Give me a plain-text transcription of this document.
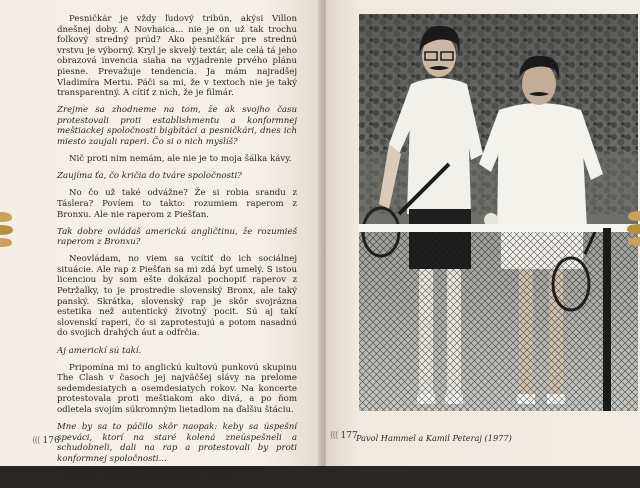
Pesničkár je vždy ľudový tribún, akýsi Villon dnešnej doby. A Novhaica... nie je on už tak trochu folkový stredný prúd? Ako pesničkár pre strednú vrstvu je výborný. Kryl je skvelý textár, ale celá tá jeho obrazová invencia siaha na vyjadrenie prvého plánu piesne. Prevažuje tendencia. Ja mám najradšej Vladimíra Mertu. Páči sa mi, že v textoch nie je taký transparentný. A cítiť z nich, že je filmár.

Zrejme sa zhodneme na tom, že ak svojho času protestovali proti establishmentu a konformnej meštiackej spoločnosti bigbítáci a pesničkári, dnes ich miesto zaujali raperi. Čo si o nich myslíš?

Nič proti nim nemám, ale nie je to moja šálka kávy.

Zaujíma ťa, čo kričia do tváre spoločnosti?

No čo už také odvážne? Že si robia srandu z Táslera? Povíem to takto: rozumiem raperom z Bronxu. Ale nie raperom z Piešťan.

Tak dobre ovládaš americkú angličtinu, že rozumieš raperom z Bronxu?

Neovládam, no viem sa vcítiť do ich sociálnej situácie. Ale rap z Piešťan sa mi zdá byť umelý. S istou licenciou by som ešte dokázal pochopiť raperov z Petržalky, to je prostredie slovenský Bronx, ale taký panský. Skrátka, slovenský rap je skôr svojrázna estetika než autentický životný pocit. Sú aj takí slovenskí raperi, čo si zaprotestujú a potom nasadnú do svojich drahých áut a odfrčia.

Aj americkí sú takí.

Pripomína mi to anglickú kultovú punkovú skupinu The Clash v časoch jej najväčšej slávy na prelome sedemdesiatych a osemdesiatych rokov. Na koncerte protestovala proti meštiakom ako divá, a po ňom odletela svojím súkromným lietadlom na ďalšiu štáciu.

Mne by sa to páčilo skôr naopak: keby sa úspešní speváci, ktorí na staré kolená zneúspešneli a schudobneli, dali na rap a protestovali by proti konformnej spoločnosti...

A mohli by založiť kapelu Nové prúdy.

((( 176	Pavol Hammel a Kamil Peteraj (1977)
((( 177
